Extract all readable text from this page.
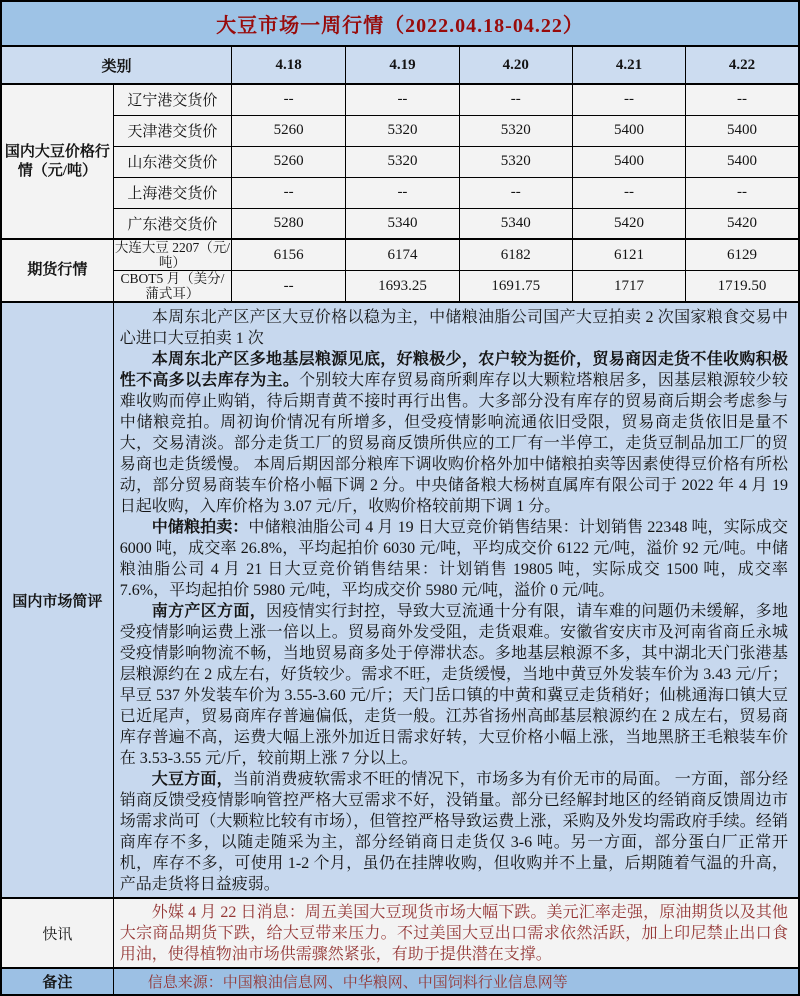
大豆市场一周行情（2022.04.18-04.22）						
类别		4.18	4.19	4.20	4.21	4.22
国内大豆价格行情（元/吨）	辽宁港交货价	--	--	--	--	--
	天津港交货价	5260	5320	5320	5400	5400
	山东港交货价	5260	5320	5320	5400	5400
	上海港交货价	--	--	--	--	--
	广东港交货价	5280	5340	5340	5420	5420
期货行情	大连大豆 2207（元/吨）	6156	6174	6182	6121	6129
	CBOT5 月（美分/蒲式耳）	--	1693.25	1691.75	1717	1719.50
国内市场简评	本周东北产区产区大豆价格以稳为主，中储粮油脂公司国产大豆拍卖 2 次国家粮食交易中心进口大豆拍卖 1 次

本周东北产区多地基层粮源见底，好粮极少，农户较为挺价，贸易商因走货不佳收购积极性不高多以去库存为主。个别较大库存贸易商所剩库存以大颗粒塔粮居多，因基层粮源较少较难收购而停止购销，待后期青黄不接时再行出售。大多部分没有库存的贸易商后期会考虑参与中储粮竞拍。周初询价情况有所增多，但受疫情影响流通依旧受限，贸易商走货依旧是量不大，交易清淡。部分走货工厂的贸易商反馈所供应的工厂有一半停工，走货豆制品加工厂的贸易商也走货缓慢。 本周后期因部分粮库下调收购价格外加中储粮拍卖等因素使得豆价格有所松动，部分贸易商装车价格小幅下调 2 分。中央储备粮大杨树直属库有限公司于 2022 年 4 月 19 日起收购，入库价格为 3.07 元/斤，收购价格较前期下调 1 分。

中储粮拍卖：中储粮油脂公司 4 月 19 日大豆竞价销售结果：计划销售 22348 吨，实际成交 6000 吨，成交率 26.8%，平均起拍价 6030 元/吨，平均成交价 6122 元/吨，溢价 92 元/吨。中储粮油脂公司 4 月 21 日大豆竞价销售结果：计划销售 19805 吨，实际成交 1500 吨，成交率 7.6%，平均起拍价 5980 元/吨，平均成交价 5980 元/吨，溢价 0 元/吨。

南方产区方面，因疫情实行封控，导致大豆流通十分有限，请车难的问题仍未缓解，多地受疫情影响运费上涨一倍以上。贸易商外发受阻，走货艰难。安徽省安庆市及河南省商丘永城受疫情影响物流不畅，当地贸易商多处于停滞状态。多地基层粮源不多，其中湖北天门张港基层粮源约在 2 成左右，好货较少。需求不旺，走货缓慢，当地中黄豆外发装车价为 3.43 元/斤；早豆 537 外发装车价为 3.55-3.60 元/斤；天门岳口镇的中黄和冀豆走货稍好；仙桃通海口镇大豆已近尾声，贸易商库存普遍偏低，走货一般。江苏省扬州高邮基层粮源约在 2 成左右，贸易商库存普遍不高，运费大幅上涨外加近日需求好转，大豆价格小幅上涨，当地黑脐王毛粮装车价在 3.53-3.55 元/斤，较前期上涨 7 分以上。

大豆方面，当前消费疲软需求不旺的情况下，市场多为有价无市的局面。 一方面，部分经销商反馈受疫情影响管控严格大豆需求不好，没销量。部分已经解封地区的经销商反馈周边市场需求尚可（大颗粒比较有市场），但管控严格导致运费上涨，采购及外发均需政府手续。经销商库存不多，以随走随采为主，部分经销商日走货仅 3-6 吨。另一方面，部分蛋白厂正常开机，库存不多，可使用 1-2 个月，虽仍在挂牌收购，但收购并不上量，后期随着气温的升高，产品走货将日益疲弱。					

快讯	外媒 4 月 22 日消息：周五美国大豆现货市场大幅下跌。美元汇率走强，原油期货以及其他大宗商品期货下跌，给大豆带来压力。不过美国大豆出口需求依然活跃，加上印尼禁止出口食用油，使得植物油市场供需骤然紧张，有助于提供潜在支撑。					

备注	信息来源：中国粮油信息网、中华粮网、中国饲料行业信息网等					
